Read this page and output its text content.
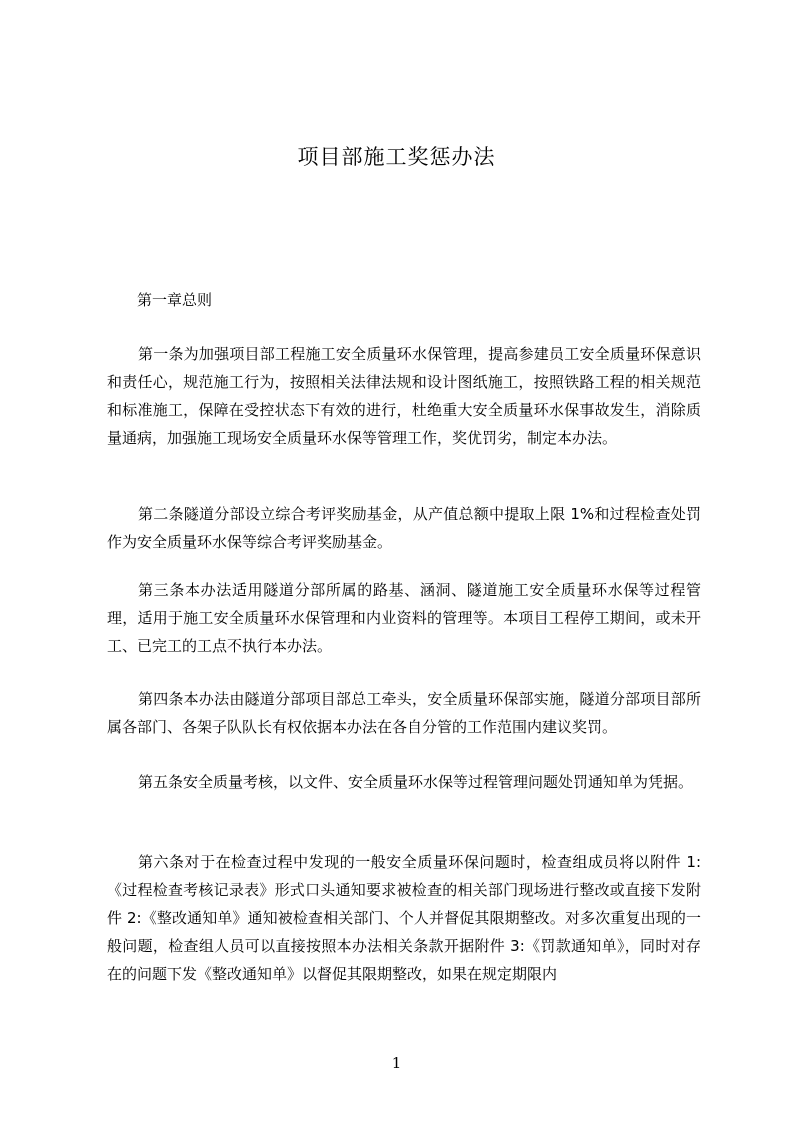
项目部施工奖惩办法
第一章总则
第一条为加强项目部工程施工安全质量环水保管理，提高参建员工安全质量环保意识和责任心，规范施工行为，按照相关法律法规和设计图纸施工，按照铁路工程的相关规范和标准施工，保障在受控状态下有效的进行，杜绝重大安全质量环水保事故发生，消除质量通病，加强施工现场安全质量环水保等管理工作，奖优罚劣，制定本办法。
第二条隧道分部设立综合考评奖励基金，从产值总额中提取上限 1%和过程检查处罚作为安全质量环水保等综合考评奖励基金。
第三条本办法适用隧道分部所属的路基、涵洞、隧道施工安全质量环水保等过程管理，适用于施工安全质量环水保管理和内业资料的管理等。本项目工程停工期间，或未开工、已完工的工点不执行本办法。
第四条本办法由隧道分部项目部总工牵头，安全质量环保部实施，隧道分部项目部所属各部门、各架子队队长有权依据本办法在各自分管的工作范围内建议奖罚。
第五条安全质量考核，以文件、安全质量环水保等过程管理问题处罚通知单为凭据。
第六条对于在检查过程中发现的一般安全质量环保问题时，检查组成员将以附件 1:《过程检查考核记录表》形式口头通知要求被检查的相关部门现场进行整改或直接下发附件 2:《整改通知单》通知被检查相关部门、个人并督促其限期整改。对多次重复出现的一般问题，检查组人员可以直接按照本办法相关条款开据附件 3:《罚款通知单》，同时对存在的问题下发《整改通知单》以督促其限期整改，如果在规定期限内
1
